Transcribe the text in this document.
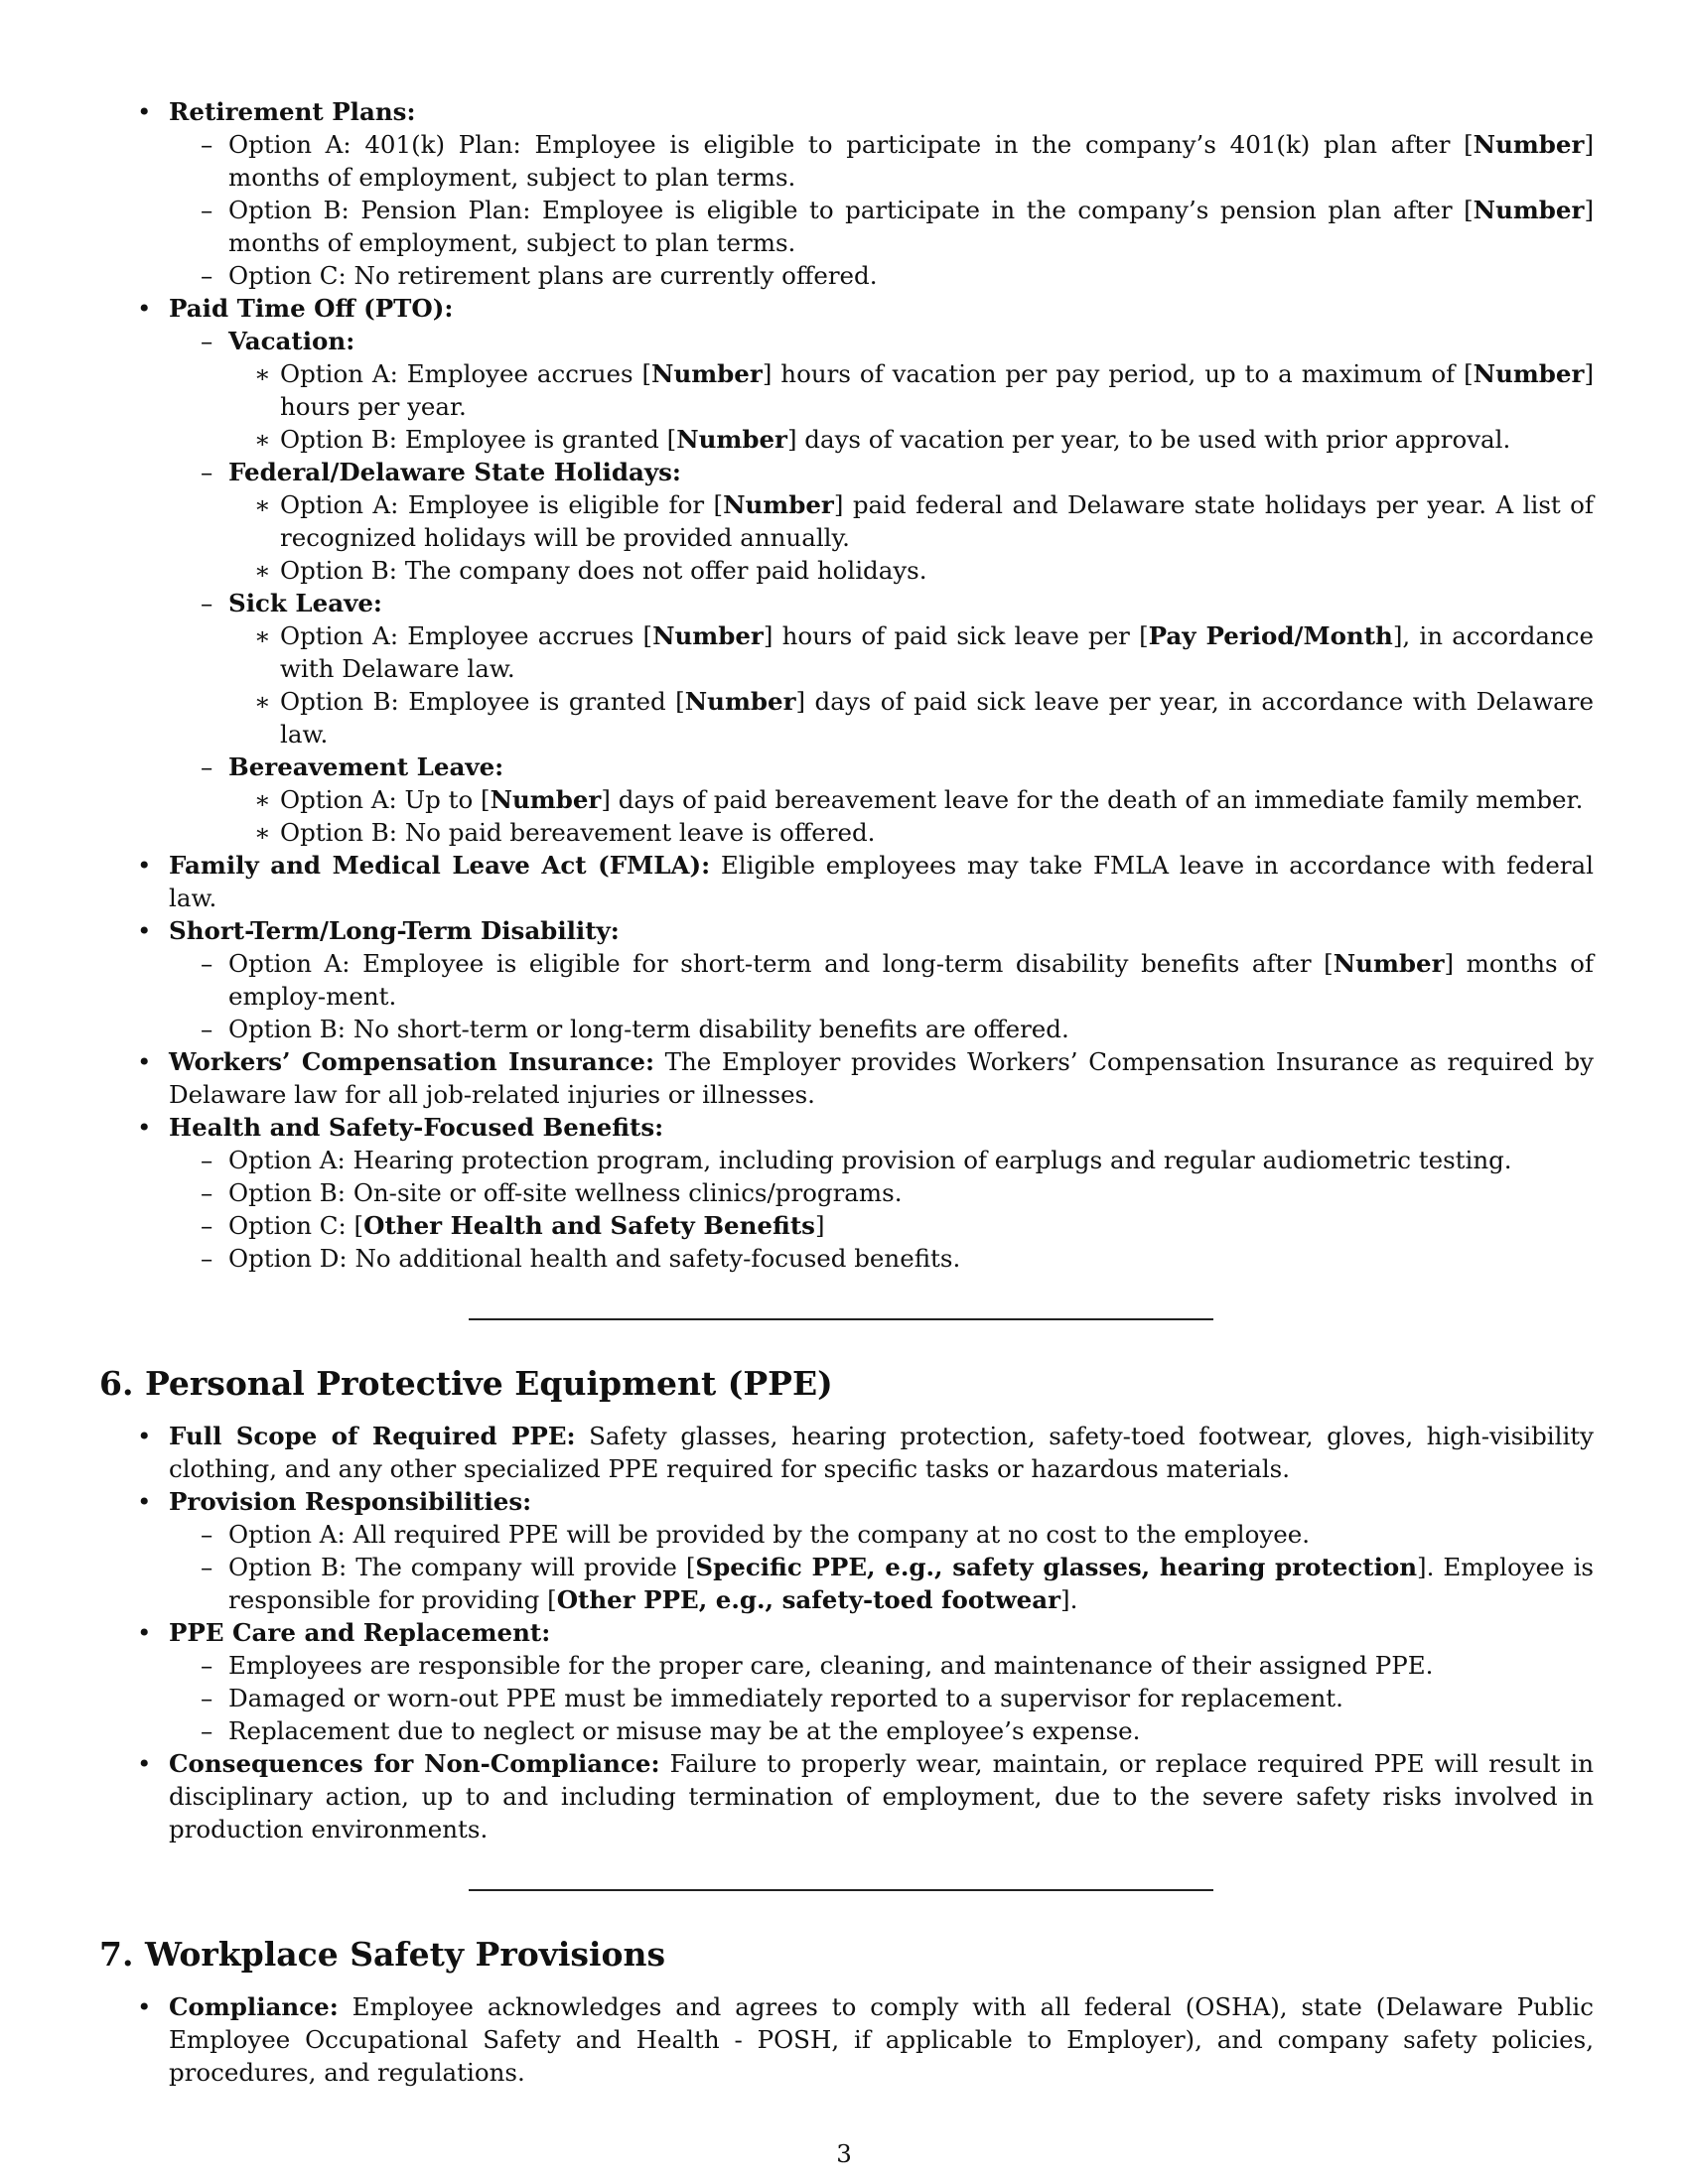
• Retirement Plans:
– Option A: 401(k) Plan: Employee is eligible to participate in the company’s 401(k) plan after [Number] months of employment, subject to plan terms.
– Option B: Pension Plan: Employee is eligible to participate in the company’s pension plan after [Number] months of employment, subject to plan terms.
– Option C: No retirement plans are currently offered.
• Paid Time Off (PTO):
– Vacation:
∗ Option A: Employee accrues [Number] hours of vacation per pay period, up to a maximum of [Number] hours per year.
∗ Option B: Employee is granted [Number] days of vacation per year, to be used with prior approval.
– Federal/Delaware State Holidays:
∗ Option A: Employee is eligible for [Number] paid federal and Delaware state holidays per year. A list of recognized holidays will be provided annually.
∗ Option B: The company does not offer paid holidays.
– Sick Leave:
∗ Option A: Employee accrues [Number] hours of paid sick leave per [Pay Period/Month], in accordance with Delaware law.
∗ Option B: Employee is granted [Number] days of paid sick leave per year, in accordance with Delaware law.
– Bereavement Leave:
∗ Option A: Up to [Number] days of paid bereavement leave for the death of an immediate family member.
∗ Option B: No paid bereavement leave is offered.
• Family and Medical Leave Act (FMLA): Eligible employees may take FMLA leave in accordance with federal law.
• Short-Term/Long-Term Disability:
– Option A: Employee is eligible for short-term and long-term disability benefits after [Number] months of employ-ment.
– Option B: No short-term or long-term disability benefits are offered.
• Workers’ Compensation Insurance: The Employer provides Workers’ Compensation Insurance as required by Delaware law for all job-related injuries or illnesses.
• Health and Safety-Focused Benefits:
– Option A: Hearing protection program, including provision of earplugs and regular audiometric testing.
– Option B: On-site or off-site wellness clinics/programs.
– Option C: [Other Health and Safety Benefits]
– Option D: No additional health and safety-focused benefits.
6. Personal Protective Equipment (PPE)
• Full Scope of Required PPE: Safety glasses, hearing protection, safety-toed footwear, gloves, high-visibility clothing, and any other specialized PPE required for specific tasks or hazardous materials.
• Provision Responsibilities:
– Option A: All required PPE will be provided by the company at no cost to the employee.
– Option B: The company will provide [Specific PPE, e.g., safety glasses, hearing protection]. Employee is responsible for providing [Other PPE, e.g., safety-toed footwear].
• PPE Care and Replacement:
– Employees are responsible for the proper care, cleaning, and maintenance of their assigned PPE.
– Damaged or worn-out PPE must be immediately reported to a supervisor for replacement.
– Replacement due to neglect or misuse may be at the employee’s expense.
• Consequences for Non-Compliance: Failure to properly wear, maintain, or replace required PPE will result in disciplinary action, up to and including termination of employment, due to the severe safety risks involved in production environments.
7. Workplace Safety Provisions
• Compliance: Employee acknowledges and agrees to comply with all federal (OSHA), state (Delaware Public Employee Occupational Safety and Health - POSH, if applicable to Employer), and company safety policies, procedures, and regulations.
3
